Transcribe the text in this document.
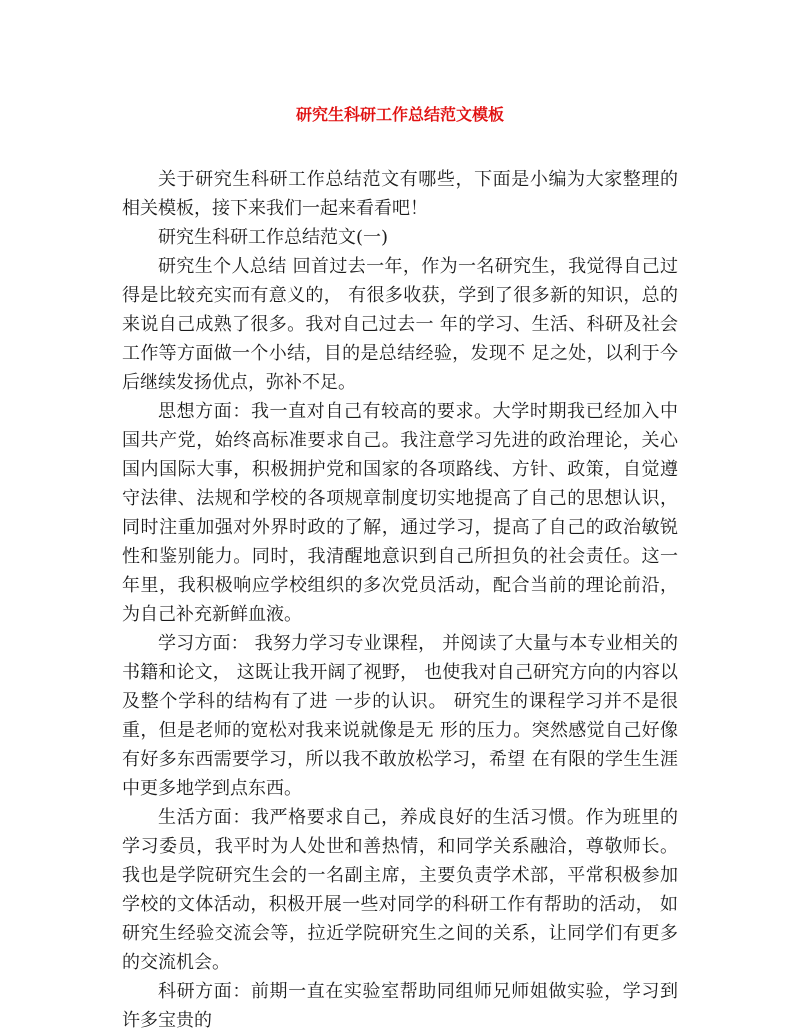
研究生科研工作总结范文模板

关于研究生科研工作总结范文有哪些，下面是小编为大家整理的相关模板，接下来我们一起来看看吧！

研究生科研工作总结范文(一)

研究生个人总结 回首过去一年，作为一名研究生，我觉得自己过得是比较充实而有意义的， 有很多收获，学到了很多新的知识，总的来说自己成熟了很多。我对自己过去一 年的学习、生活、科研及社会工作等方面做一个小结，目的是总结经验，发现不 足之处，以利于今后继续发扬优点，弥补不足。

思想方面：我一直对自己有较高的要求。大学时期我已经加入中国共产党，始终高标准要求自己。我注意学习先进的政治理论，关心国内国际大事，积极拥护党和国家的各项路线、方针、政策，自觉遵守法律、法规和学校的各项规章制度切实地提高了自己的思想认识，同时注重加强对外界时政的了解，通过学习，提高了自己的政治敏锐性和鉴别能力。同时，我清醒地意识到自己所担负的社会责任。这一年里，我积极响应学校组织的多次党员活动，配合当前的理论前沿，为自己补充新鲜血液。

学习方面： 我努力学习专业课程， 并阅读了大量与本专业相关的书籍和论文， 这既让我开阔了视野， 也使我对自己研究方向的内容以及整个学科的结构有了进 一步的认识。 研究生的课程学习并不是很重，但是老师的宽松对我来说就像是无 形的压力。突然感觉自己好像有好多东西需要学习，所以我不敢放松学习，希望 在有限的学生生涯中更多地学到点东西。

生活方面：我严格要求自己，养成良好的生活习惯。作为班里的学习委员，我平时为人处世和善热情，和同学关系融洽，尊敬师长。我也是学院研究生会的一名副主席，主要负责学术部，平常积极参加学校的文体活动，积极开展一些对同学的科研工作有帮助的活动， 如研究生经验交流会等，拉近学院研究生之间的关系，让同学们有更多的交流机会。

科研方面：前期一直在实验室帮助同组师兄师姐做实验，学习到许多宝贵的
